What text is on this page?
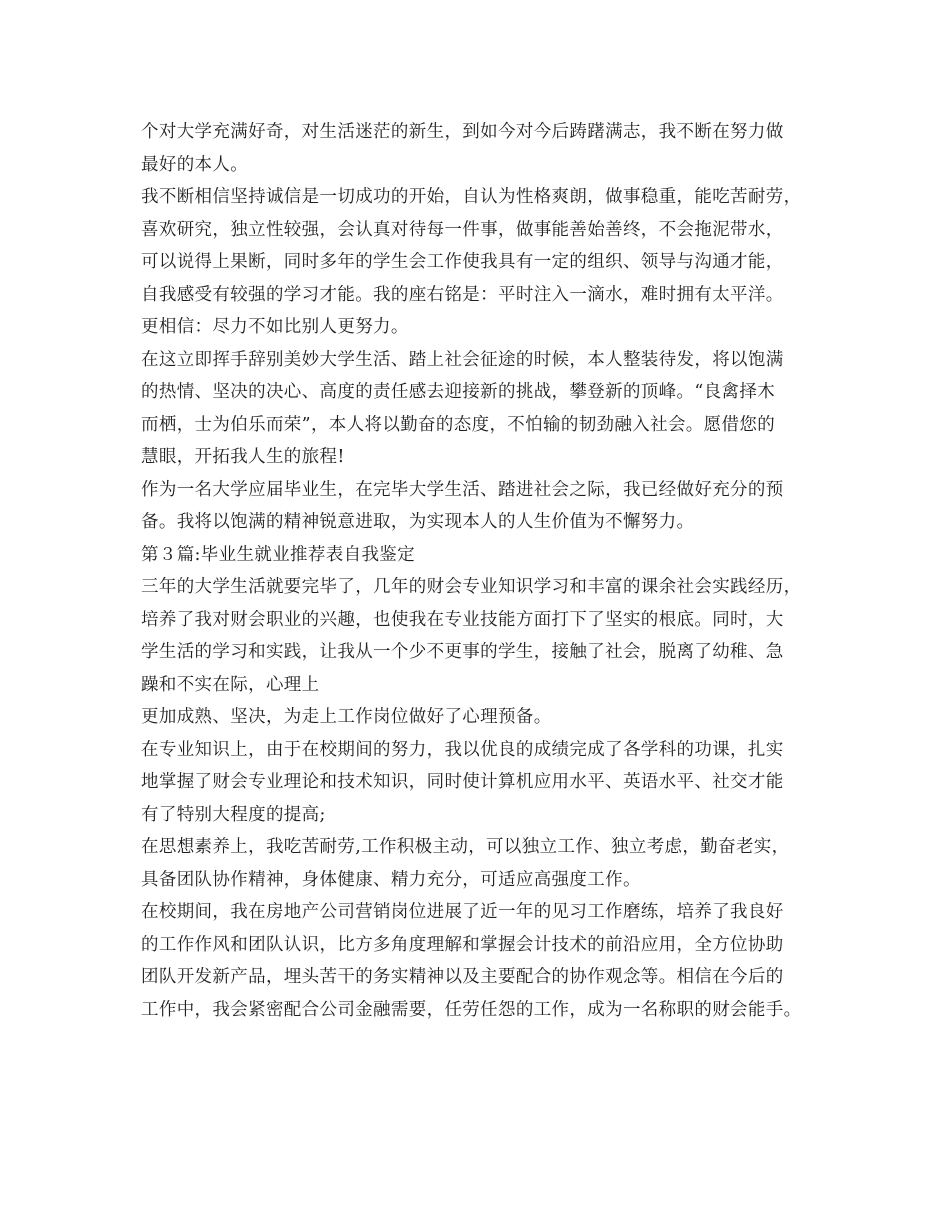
个对大学充满好奇，对生活迷茫的新生，到如今对今后踌躇满志，我不断在努力做
最好的本人。
我不断相信坚持诚信是一切成功的开始，自认为性格爽朗，做事稳重，能吃苦耐劳，
喜欢研究，独立性较强，会认真对待每一件事，做事能善始善终，不会拖泥带水，
可以说得上果断，同时多年的学生会工作使我具有一定的组织、领导与沟通才能，
自我感受有较强的学习才能。我的座右铭是：平时注入一滴水，难时拥有太平洋。
更相信：尽力不如比别人更努力。
在这立即挥手辞别美妙大学生活、踏上社会征途的时候，本人整装待发，将以饱满
的热情、坚决的决心、高度的责任感去迎接新的挑战，攀登新的顶峰。“良禽择木
而栖，士为伯乐而荣”，本人将以勤奋的态度，不怕输的韧劲融入社会。愿借您的
慧眼，开拓我人生的旅程!
作为一名大学应届毕业生，在完毕大学生活、踏进社会之际，我已经做好充分的预
备。我将以饱满的精神锐意进取，为实现本人的人生价值为不懈努力。
第３篇:毕业生就业推荐表自我鉴定
三年的大学生活就要完毕了，几年的财会专业知识学习和丰富的课余社会实践经历，
培养了我对财会职业的兴趣，也使我在专业技能方面打下了坚实的根底。同时，大
学生活的学习和实践，让我从一个少不更事的学生，接触了社会，脱离了幼稚、急
躁和不实在际，心理上
更加成熟、坚决，为走上工作岗位做好了心理预备。
在专业知识上，由于在校期间的努力，我以优良的成绩完成了各学科的功课，扎实
地掌握了财会专业理论和技术知识，同时使计算机应用水平、英语水平、社交才能
有了特别大程度的提高;
在思想素养上，我吃苦耐劳,工作积极主动，可以独立工作、独立考虑，勤奋老实，
具备团队协作精神，身体健康、精力充分，可适应高强度工作。
在校期间，我在房地产公司营销岗位进展了近一年的见习工作磨练，培养了我良好
的工作作风和团队认识，比方多角度理解和掌握会计技术的前沿应用，全方位协助
团队开发新产品，埋头苦干的务实精神以及主要配合的协作观念等。相信在今后的
工作中，我会紧密配合公司金融需要，任劳任怨的工作，成为一名称职的财会能手。
